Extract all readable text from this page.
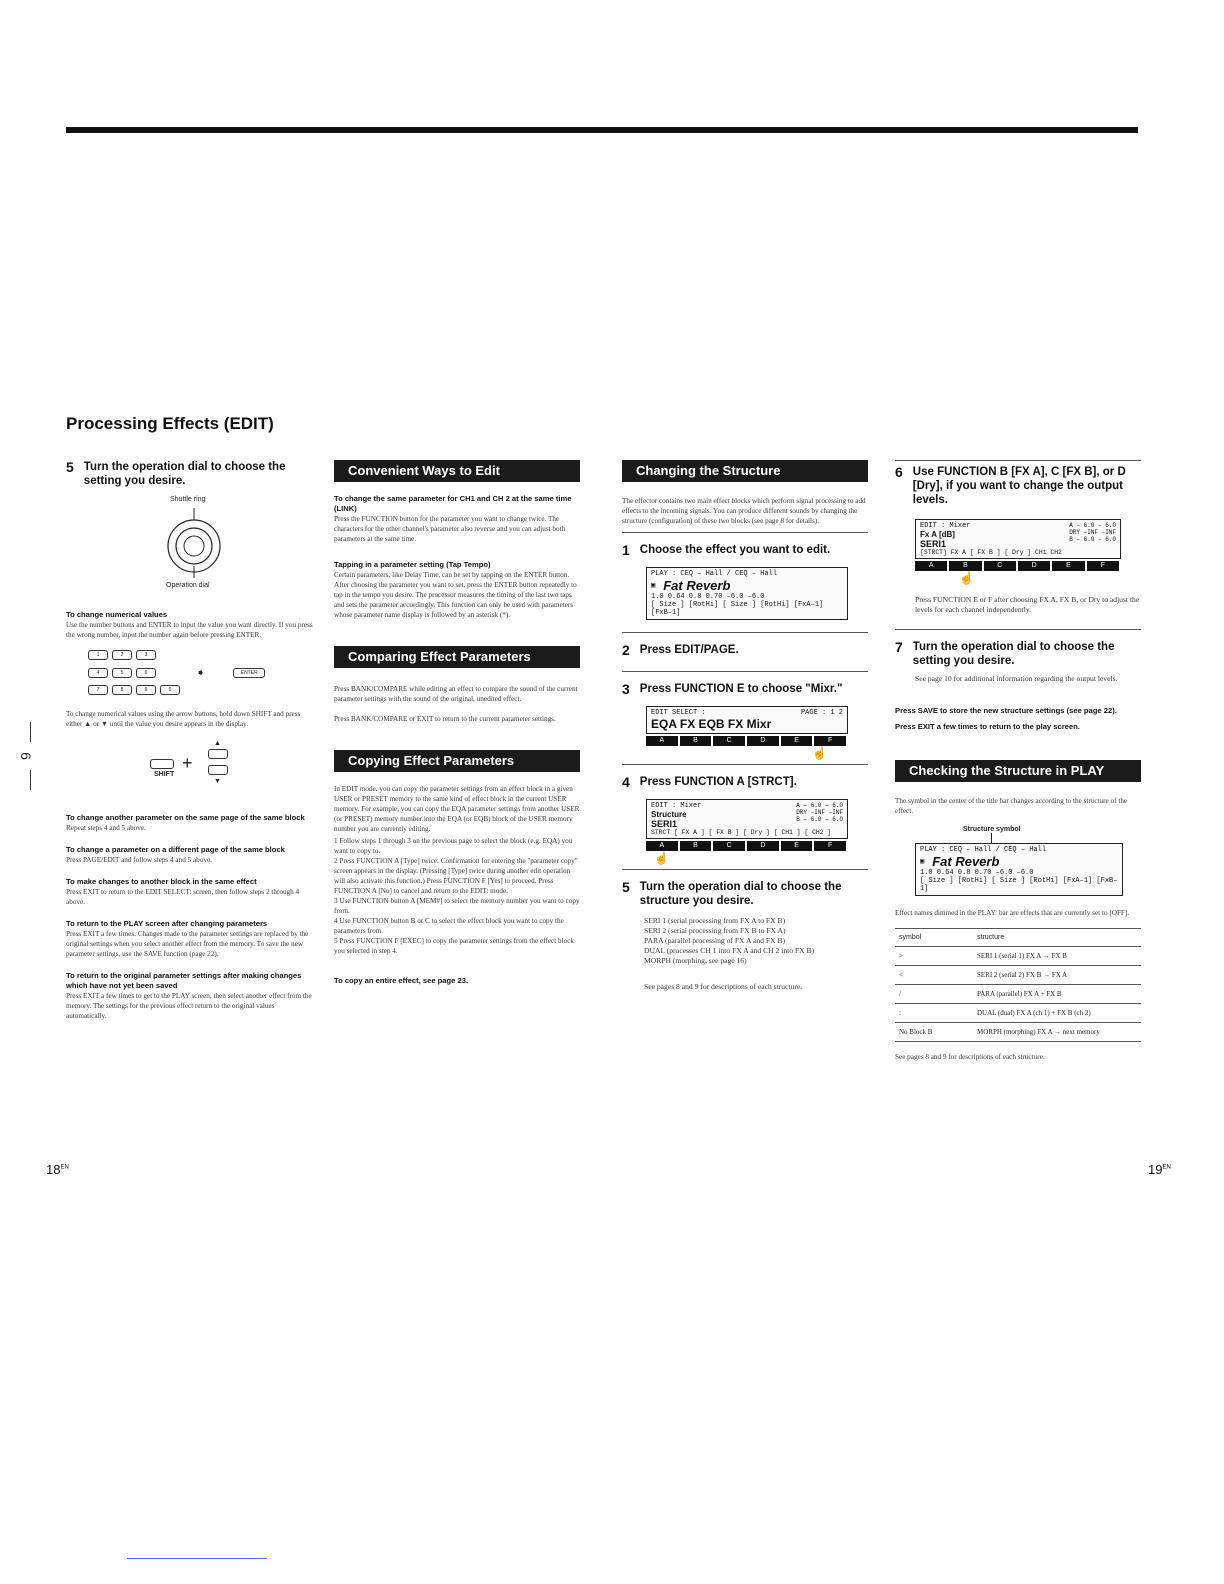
Processing Effects (EDIT)
6
5 Turn the operation dial to choose the setting you desire.
Shuttle ring
Operation dial
To change numerical values
Use the number buttons and ENTER to input the value you want directly. If you press the wrong number, input the number again before pressing ENTER.
1	2	3
4	5	6	➧	ENTER
7	8	9	0
To change numerical values using the arrow buttons, hold down SHIFT and press either ▲ or ▼ until the value you desire appears in the display.
SHIFT
+
▲
▼
To change another parameter on the same page of the same block
Repeat steps 4 and 5 above.
To change a parameter on a different page of the same block
Press PAGE/EDIT and follow steps 4 and 5 above.
To make changes to another block in the same effect
Press EXIT to return to the EDIT SELECT: screen, then follow steps 2 through 4 above.
To return to the PLAY screen after changing parameters
Press EXIT a few times. Changes made to the parameter settings are replaced by the original settings when you select another effect from the memory. To save the new parameter settings, use the SAVE function (page 22).
To return to the original parameter settings after making changes which have not yet been saved
Press EXIT a few times to get to the PLAY screen, then select another effect from the memory. The settings for the previous effect return to the original values automatically.
Convenient Ways to Edit
To change the same parameter for CH1 and CH 2 at the same time (LINK)
Press the FUNCTION button for the parameter you want to change twice. The characters for the other channel's parameter also reverse and you can adjust both parameters at the same time.
Tapping in a parameter setting (Tap Tempo)
Certain parameters, like Delay Time, can be set by tapping on the ENTER button. After choosing the parameter you want to set, press the ENTER button repeatedly to tap in the tempo you desire. The processor measures the timing of the last two taps and sets the parameter accordingly. This function can only be used with parameters whose parameter name display is followed by an asterisk (*).
Comparing Effect Parameters
Press BANK/COMPARE while editing an effect to compare the sound of the current parameter settings with the sound of the original, unedited effect.
Press BANK/COMPARE or EXIT to return to the current parameter settings.
Copying Effect Parameters
In EDIT mode, you can copy the parameter settings from an effect block in a given USER or PRESET memory to the same kind of effect block in the current USER memory. For example, you can copy the EQA parameter settings from another USER (or PRESET) memory number into the EQA (or EQB) block of the USER memory number you are currently editing.
1 Follow steps 1 through 3 on the previous page to select the block (e.g. EQA) you want to copy to.
2 Press FUNCTION A [Type] twice. Confirmation for entering the "parameter copy" screen appears in the display. (Pressing [Type] twice during another edit operation will also activate this function.) Press FUNCTION F [Yes] to proceed. Press FUNCTION A [No] to cancel and return to the EDIT: mode.
3 Use FUNCTION button A [MEM#] to select the memory number you want to copy from.
4 Use FUNCTION button B or C to select the effect block you want to copy the parameters from.
5 Press FUNCTION F [EXEC] to copy the parameter settings from the effect block you selected in step 4.
To copy an entire effect, see page 23.
Changing the Structure
The effector contains two main effect blocks which perform signal processing to add effects to the incoming signals. You can produce different sounds by changing the structure (configuration) of these two blocks (see page 8 for details).
1 Choose the effect you want to edit.
PLAY : CEQ – Hall / CEQ – Hall
▣ Fat Reverb
1.0 0.64 0.8 0.70 –6.0 –6.0
[ Size ] [RotHi] [ Size ] [RotHi] [FxA–1] [FxB–1]
2 Press EDIT/PAGE.
3 Press FUNCTION E to choose "Mixr."
EDIT SELECT :	PAGE : 1 2
EQA FX EQB FX Mixr
A	B	C	D	E	F
☝
4 Press FUNCTION A [STRCT].
EDIT : Mixer
Structure
SERI1
A – 6.0 – 6.0
DRY –INF –INF
B – 6.0 – 6.0
STRCT [ FX A ] [ FX B ] [ Dry ] [ CH1 ] [ CH2 ]
A	B	C	D	E	F
☝
5 Turn the operation dial to choose the structure you desire.
SERI 1 (serial processing from FX A to FX B)
SERI 2 (serial processing from FX B to FX A)
PARA (parallel processing of FX A and FX B)
DUAL (processes CH 1 into FX A and CH 2 into FX B)
MORPH (morphing, see page 16)
See pages 8 and 9 for descriptions of each structure.
6 Use FUNCTION B [FX A], C [FX B], or D [Dry], if you want to change the output levels.
EDIT : Mixer
Fx A [dB]
SERI1
A – 6.0 – 6.0
DRY –INF –INF
B – 6.0 – 6.0
[STRCT] FX A [ FX B ] [ Dry ] CH1 CH2
A	B	C	D	E	F
☝
Press FUNCTION E or F after choosing FX A, FX B, or Dry to adjust the levels for each channel independently.
7 Turn the operation dial to choose the setting you desire.
See page 10 for additional information regarding the output levels.
Press SAVE to store the new structure settings (see page 22).
Press EXIT a few times to return to the play screen.
Checking the Structure in PLAY Mode
The symbol in the center of the title bar changes according to the structure of the effect.
Structure symbol
PLAY : CEQ – Hall / CEQ – Hall
▣ Fat Reverb
1.0 0.64 0.8 0.70 –6.0 –6.0
[ Size ] [RotHi] [ Size ] [RotHi] [FxA–1] [FxB–1]
Effect names dimmed in the PLAY: bar are effects that are currently set to [OFF].
symbol	structure
>	SERI 1 (serial 1) FX A → FX B
<	SERI 2 (serial 2) FX B → FX A
/	PARA (parallel) FX A + FX B
:	DUAL (dual) FX A (ch 1) + FX B (ch 2)
No Block B	MORPH (morphing) FX A → next memory
See pages 8 and 9 for descriptions of each structure.
$18^{EN}$	$19^{EN}$
